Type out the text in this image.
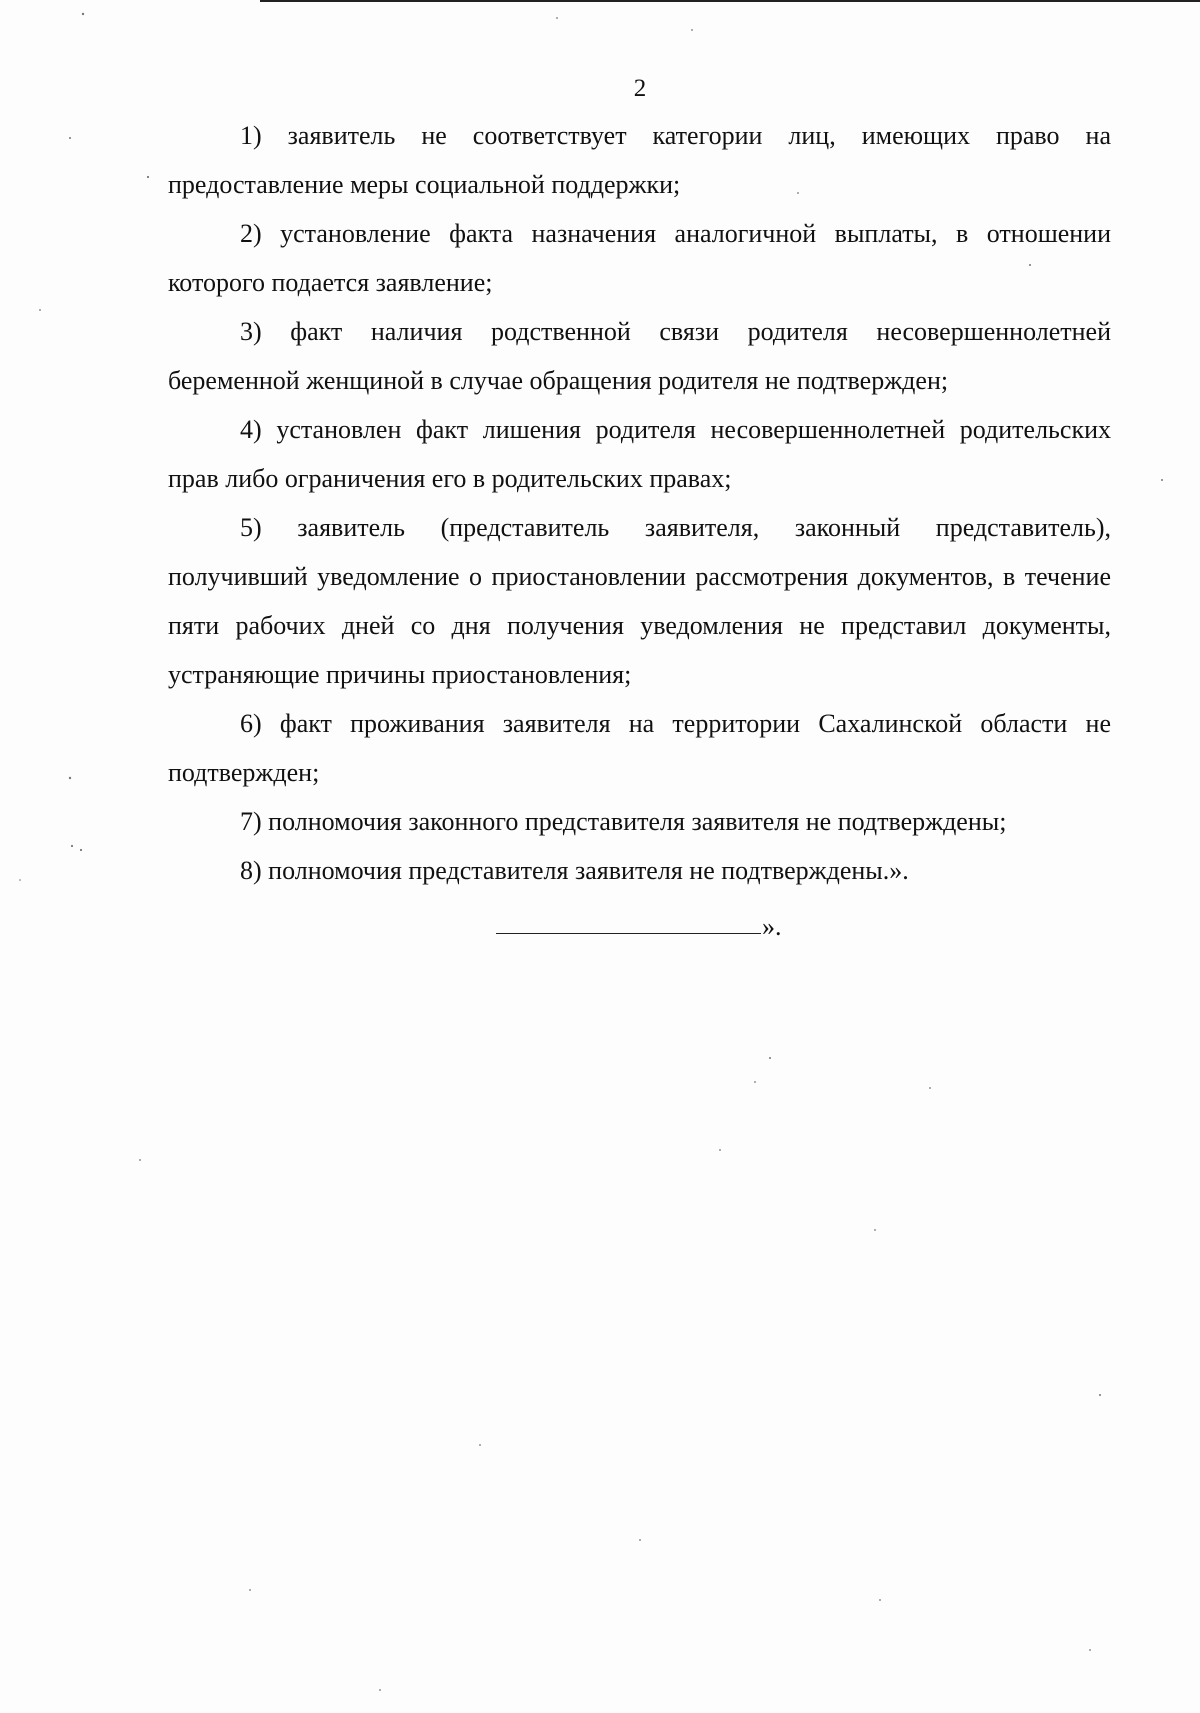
2

1) заявитель не соответствует категории лиц, имеющих право на предоставление меры социальной поддержки;

2) установление факта назначения аналогичной выплаты, в отношении которого подается заявление;

3) факт наличия родственной связи родителя несовершеннолетней беременной женщиной в случае обращения родителя не подтвержден;

4) установлен факт лишения родителя несовершеннолетней родительских прав либо ограничения его в родительских правах;

5) заявитель (представитель заявителя, законный представитель), получивший уведомление о приостановлении рассмотрения документов, в течение пяти рабочих дней со дня получения уведомления не представил документы, устраняющие причины приостановления;

6) факт проживания заявителя на территории Сахалинской области не подтвержден;

7) полномочия законного представителя заявителя не подтверждены;

8) полномочия представителя заявителя не подтверждены.».

».
